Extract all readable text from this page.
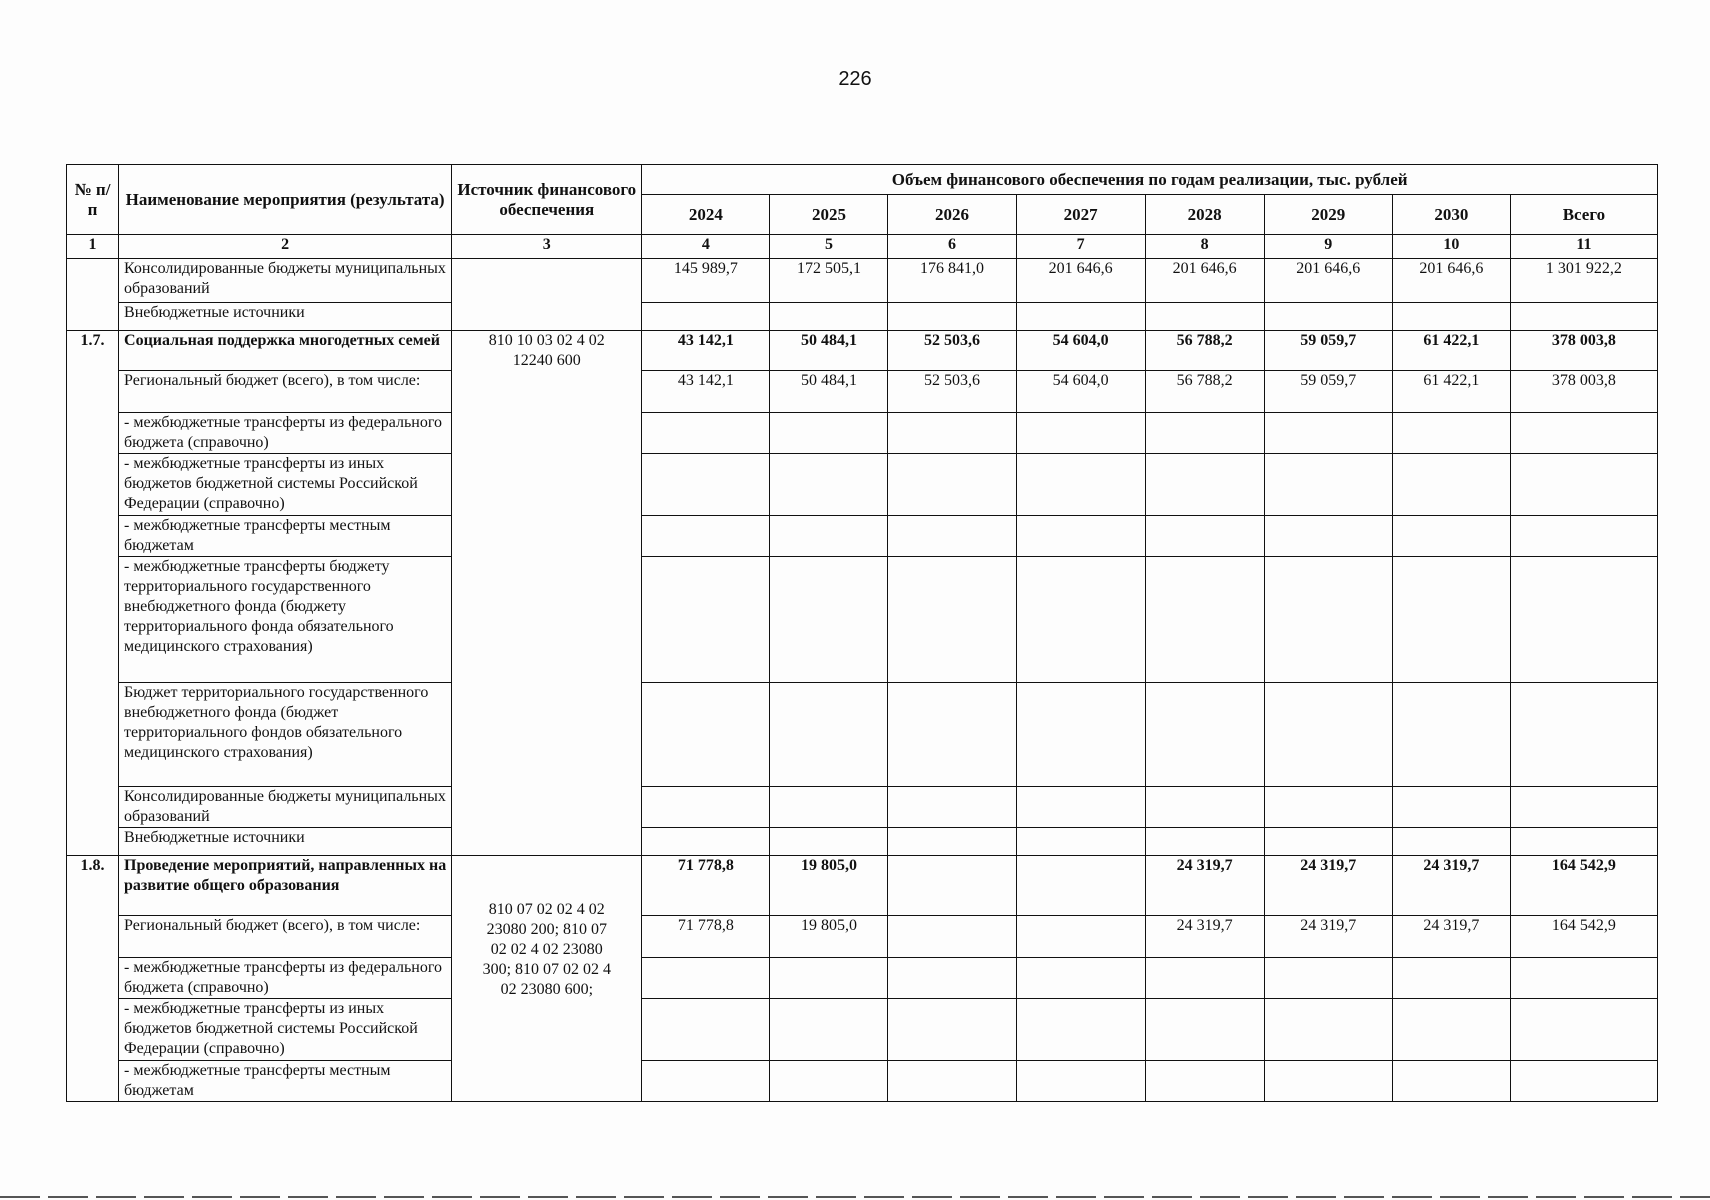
226
№ п/п	Наименование мероприятия (результата)	Источник финансового обеспечения	Объем финансового обеспечения по годам реализации, тыс. рублей							
			2024	2025	2026	2027	2028	2029	2030	Всего
1	2	3	4	5	6	7	8	9	10	11
	Консолидированные бюджеты муниципальных образований		145 989,7	172 505,1	176 841,0	201 646,6	201 646,6	201 646,6	201 646,6	1 301 922,2
	Внебюджетные источники									
1.7.	Социальная поддержка многодетных семей	810 10 03 02 4 02 12240 600	43 142,1	50 484,1	52 503,6	54 604,0	56 788,2	59 059,7	61 422,1	378 003,8
	Региональный бюджет (всего), в том числе:		43 142,1	50 484,1	52 503,6	54 604,0	56 788,2	59 059,7	61 422,1	378 003,8
	- межбюджетные трансферты из федерального бюджета (справочно)									
	- межбюджетные трансферты из иных бюджетов бюджетной системы Российской Федерации (справочно)									
	- межбюджетные трансферты местным бюджетам									
	- межбюджетные трансферты бюджету территориального государственного внебюджетного фонда (бюджету территориального фонда обязательного медицинского страхования)									
	Бюджет территориального государственного внебюджетного фонда (бюджет территориального фондов обязательного медицинского страхования)									
	Консолидированные бюджеты муниципальных образований									
	Внебюджетные источники									
1.8.	Проведение мероприятий, направленных на развитие общего образования	810 07 02 02 4 02 23080 200; 810 07 02 02 4 02 23080 300; 810 07 02 02 4 02 23080 600;	71 778,8	19 805,0			24 319,7	24 319,7	24 319,7	164 542,9
	Региональный бюджет (всего), в том числе:		71 778,8	19 805,0			24 319,7	24 319,7	24 319,7	164 542,9
	- межбюджетные трансферты из федерального бюджета (справочно)									
	- межбюджетные трансферты из иных бюджетов бюджетной системы Российской Федерации (справочно)									
	- межбюджетные трансферты местным бюджетам									
